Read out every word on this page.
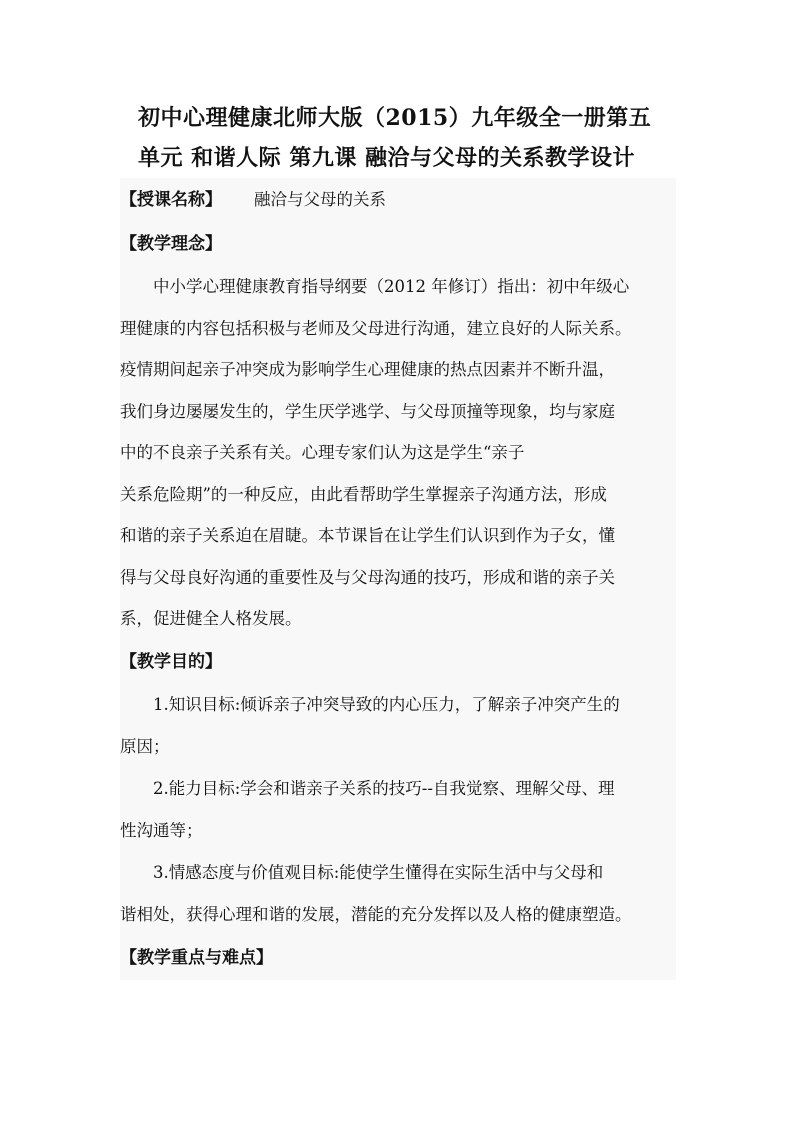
初中心理健康北师大版（2015）九年级全一册第五
单元 和谐人际 第九课 融洽与父母的关系教学设计
【授课名称】 融洽与父母的关系
【教学理念】
中小学心理健康教育指导纲要（2012 年修订）指出：初中年级心
理健康的内容包括积极与老师及父母进行沟通，建立良好的人际关系。
疫情期间起亲子冲突成为影响学生心理健康的热点因素并不断升温，
我们身边屡屡发生的，学生厌学逃学、与父母顶撞等现象，均与家庭
中的不良亲子关系有关。心理专家们认为这是学生“亲子
关系危险期”的一种反应，由此看帮助学生掌握亲子沟通方法，形成
和谐的亲子关系迫在眉睫。本节课旨在让学生们认识到作为子女，懂
得与父母良好沟通的重要性及与父母沟通的技巧，形成和谐的亲子关
系，促进健全人格发展。
【教学目的】
1.知识目标:倾诉亲子冲突导致的内心压力，了解亲子冲突产生的
原因；
2.能力目标:学会和谐亲子关系的技巧--自我觉察、理解父母、理
性沟通等；
3.情感态度与价值观目标:能使学生懂得在实际生活中与父母和
谐相处，获得心理和谐的发展，潜能的充分发挥以及人格的健康塑造。
【教学重点与难点】
